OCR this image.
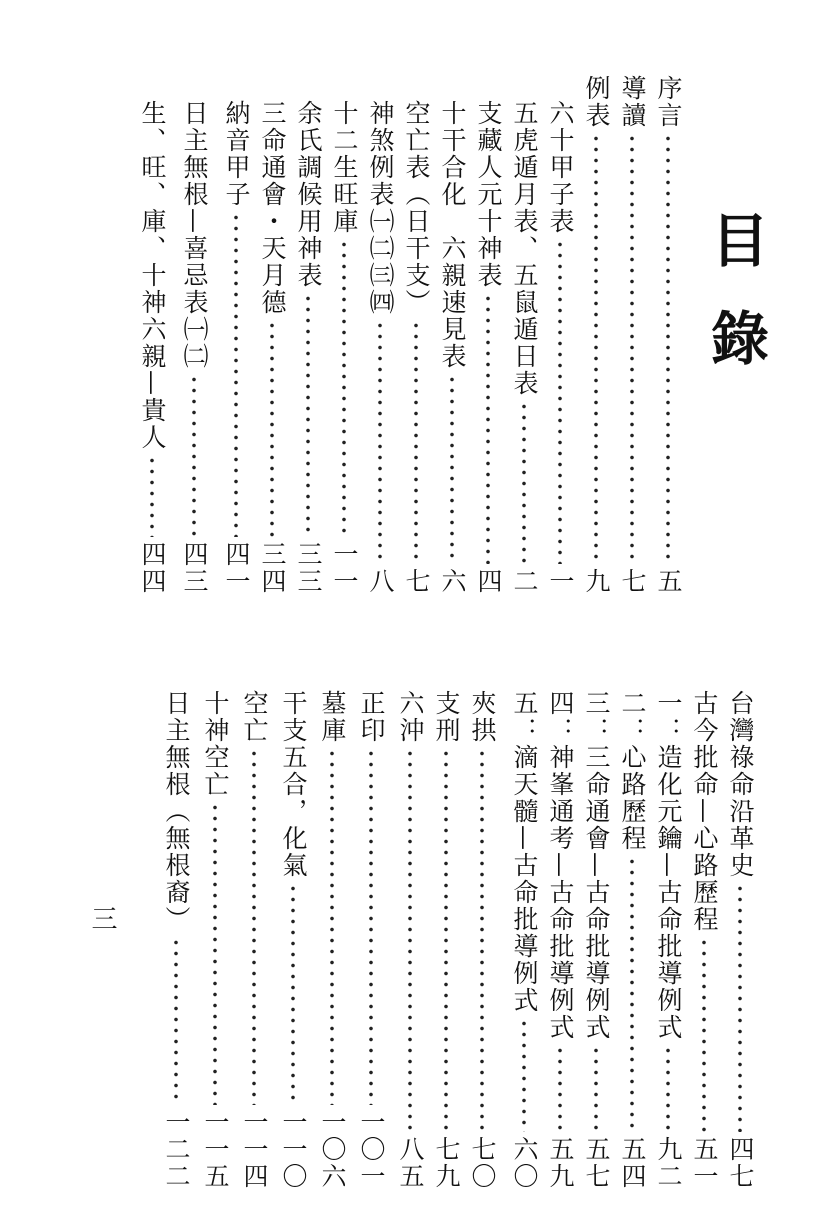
目錄
序言
五
導讀
七
例表
九
六十甲子表
一
五虎遁月表、五鼠遁日表
二
支藏人元十神表
四
十干合化　六親速見表
六
空亡表（日干支）
七
神煞例表㈠㈡㈢㈣
八
十二生旺庫
一一
余氏調候用神表
三三
三命通會・天月德
三四
納音甲子
四一
日主無根—喜忌表㈠㈡
四三
生、旺、庫、十神六親—貴人
四四
台灣祿命沿革史
四七
古今批命—心路歷程
五一
一：造化元鑰—古命批導例式
九二
二：心路歷程
五四
三：三命通會—古命批導例式
五七
四：神峯通考—古命批導例式
五九
五：滴天髓—古命批導例式
六〇
夾拱
七〇
支刑
七九
六沖
八五
正印
一〇一
墓庫
一〇六
干支五合，化氣
一一〇
空亡
一一四
十神空亡
一一五
日主無根（無根裔）
一二二
三
